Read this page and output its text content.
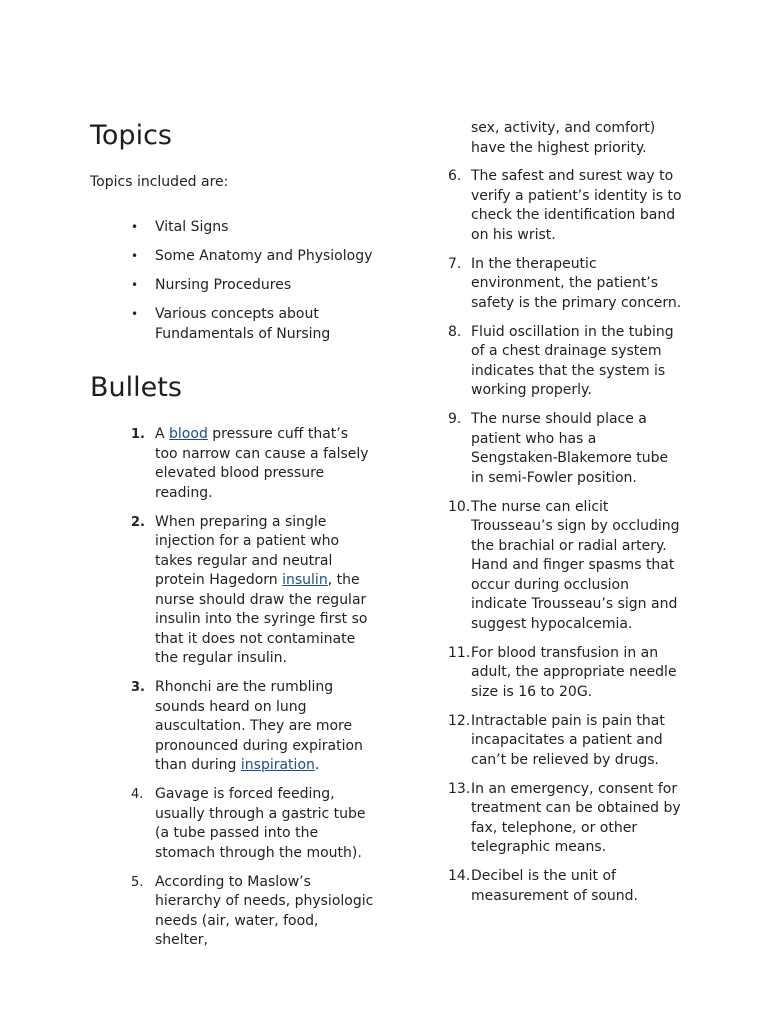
Topics

Topics included are:

• Vital Signs
• Some Anatomy and Physiology
• Nursing Procedures
• Various concepts about Fundamentals of Nursing
Bullets
1. A blood pressure cuff that’s too narrow can cause a falsely elevated blood pressure reading.
2. When preparing a single injection for a patient who takes regular and neutral protein Hagedorn insulin, the nurse should draw the regular insulin into the syringe first so that it does not contaminate the regular insulin.
3. Rhonchi are the rumbling sounds heard on lung auscultation. They are more pronounced during expiration than during inspiration.
4. Gavage is forced feeding, usually through a gastric tube (a tube passed into the stomach through the mouth).
5. According to Maslow’s hierarchy of needs, physiologic needs (air, water, food, shelter,
sex, activity, and comfort) have the highest priority.
6. The safest and surest way to verify a patient’s identity is to check the identification band on his wrist.
7. In the therapeutic environment, the patient’s safety is the primary concern.
8. Fluid oscillation in the tubing of a chest drainage system indicates that the system is working properly.
9. The nurse should place a patient who has a Sengstaken-Blakemore tube in semi-Fowler position.
10. The nurse can elicit Trousseau’s sign by occluding the brachial or radial artery. Hand and finger spasms that occur during occlusion indicate Trousseau’s sign and suggest hypocalcemia.
11. For blood transfusion in an adult, the appropriate needle size is 16 to 20G.
12. Intractable pain is pain that incapacitates a patient and can’t be relieved by drugs.
13. In an emergency, consent for treatment can be obtained by fax, telephone, or other telegraphic means.
14. Decibel is the unit of measurement of sound.
